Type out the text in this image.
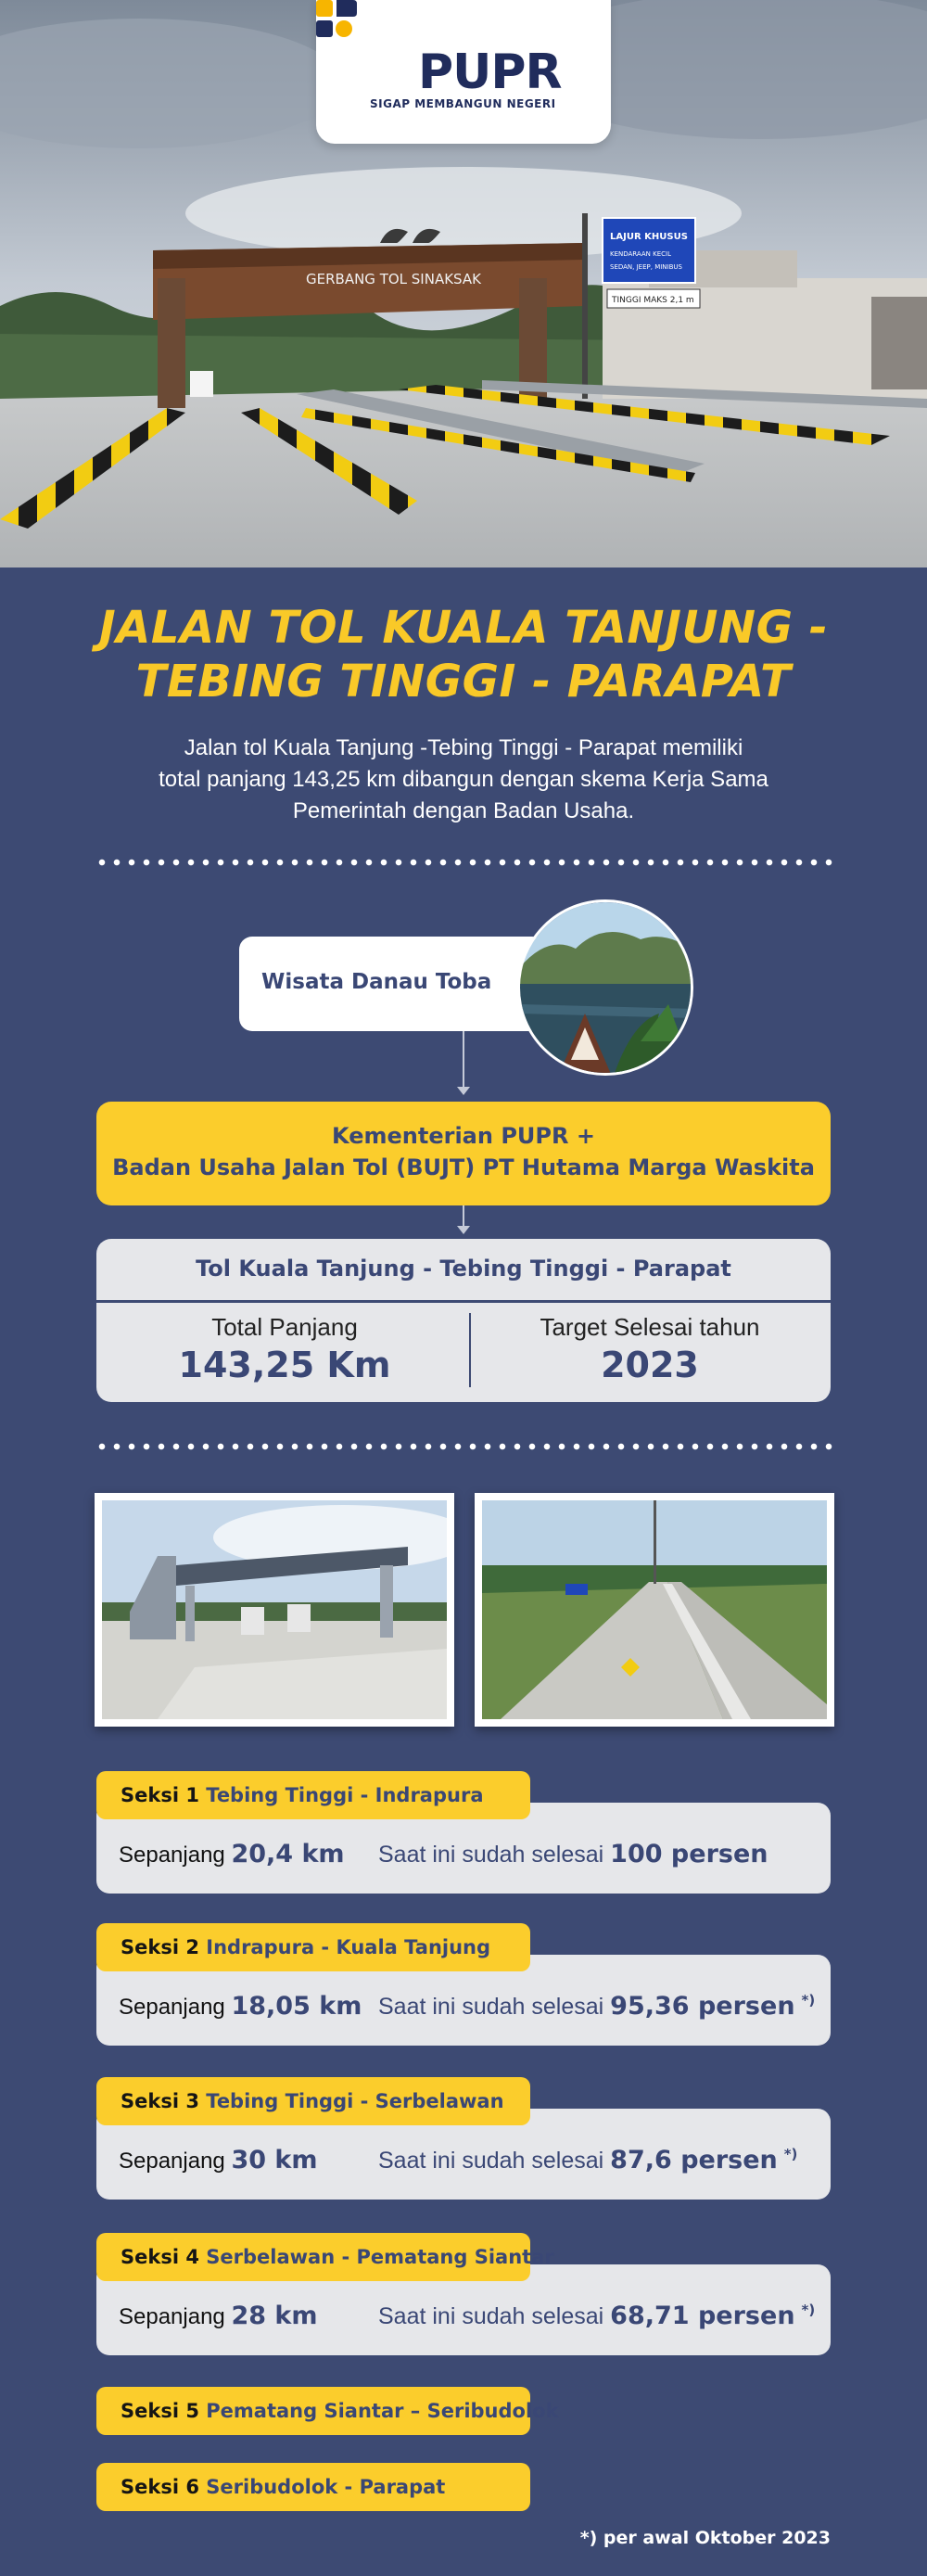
GERBANG TOL SINAKSAK
LAJUR KHUSUS
KENDARAAN KECIL
SEDAN, JEEP, MINIBUS
TINGGI MAKS 2,1 m
PUPR
SIGAP MEMBANGUN NEGERI
JALAN TOL KUALA TANJUNG -
TEBING TINGGI - PARAPAT
Jalan tol Kuala Tanjung -Tebing Tinggi - Parapat memiliki
total panjang 143,25 km dibangun dengan skema Kerja Sama
Pemerintah dengan Badan Usaha.
Wisata Danau Toba
Kementerian PUPR +
Badan Usaha Jalan Tol (BUJT) PT Hutama Marga Waskita
Tol Kuala Tanjung - Tebing Tinggi - Parapat
Total Panjang
143,25 Km
Target Selesai tahun
2023
Sepanjang 20,4 km Saat ini sudah selesai 100 persen
Seksi 1 Tebing Tinggi - Indrapura
Sepanjang 18,05 km Saat ini sudah selesai 95,36 persen *)
Seksi 2 Indrapura - Kuala Tanjung
Sepanjang 30 km	Saat ini sudah selesai 87,6 persen *)
Seksi 3 Tebing Tinggi - Serbelawan
Sepanjang 28 km	Saat ini sudah selesai 68,71 persen *)
Seksi 4 Serbelawan - Pematang Siantar
Seksi 5 Pematang Siantar – Seribudolok
Seksi 6 Seribudolok - Parapat
*) per awal Oktober 2023
